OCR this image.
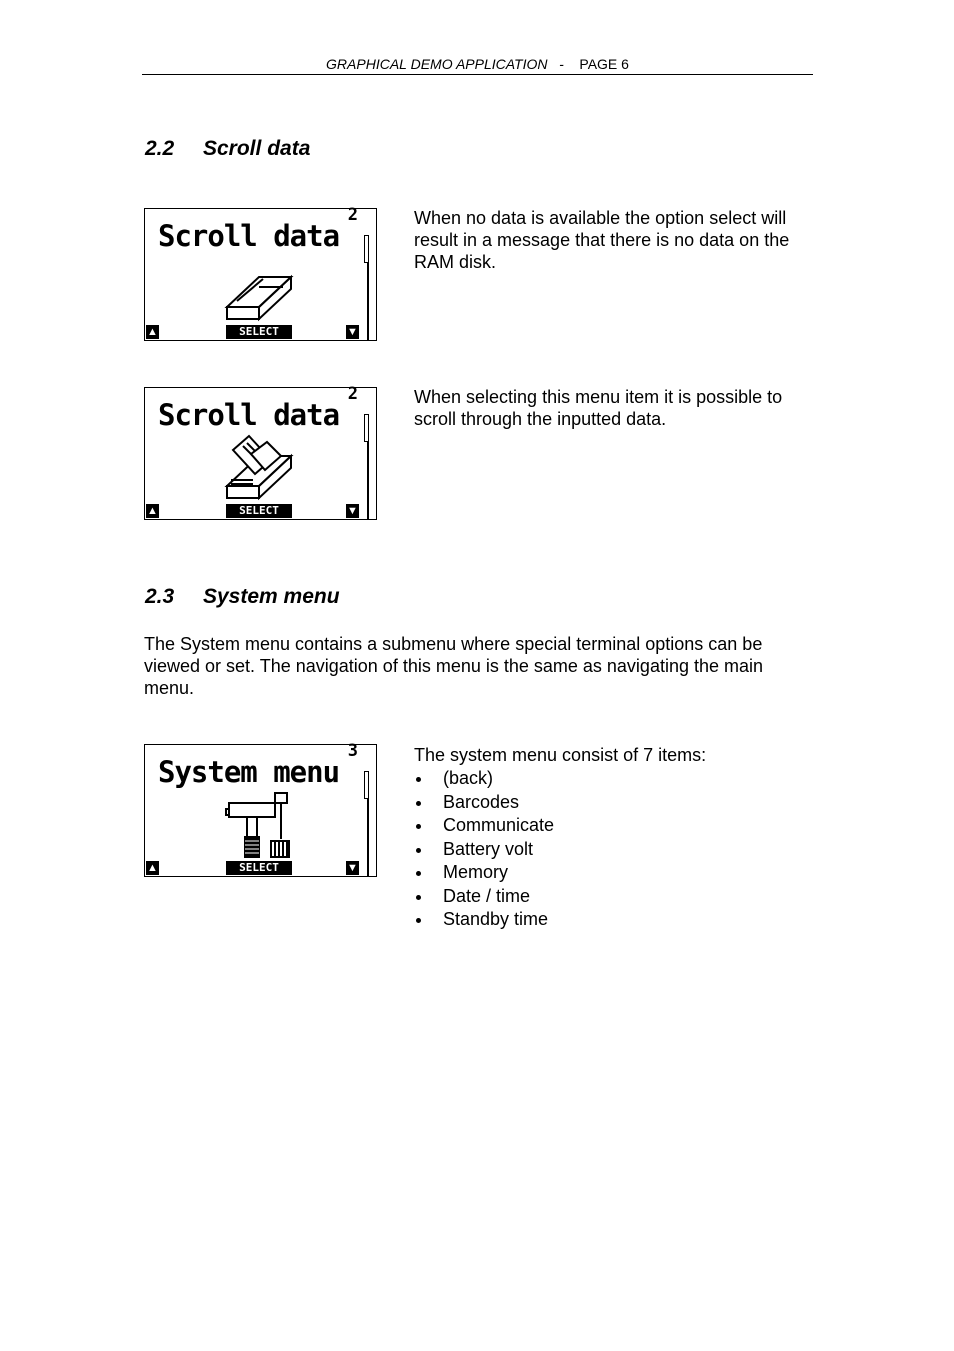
GRAPHICAL DEMO APPLICATION - PAGE 6
2.2 Scroll data
2
Scroll data
▲	SELECT	▼
When no data is available the option select will result in a message that there is no data on the RAM disk.
2
Scroll data
▲	SELECT	▼
When selecting this menu item it is possible to scroll through the inputted data.
2.3 System menu
The System menu contains a submenu where special terminal options can be viewed or set. The navigation of this menu is the same as navigating the main menu.
3
System menu
▲	SELECT	▼
The system menu consist of 7 items:
(back)
Barcodes
Communicate
Battery volt
Memory
Date / time
Standby time
